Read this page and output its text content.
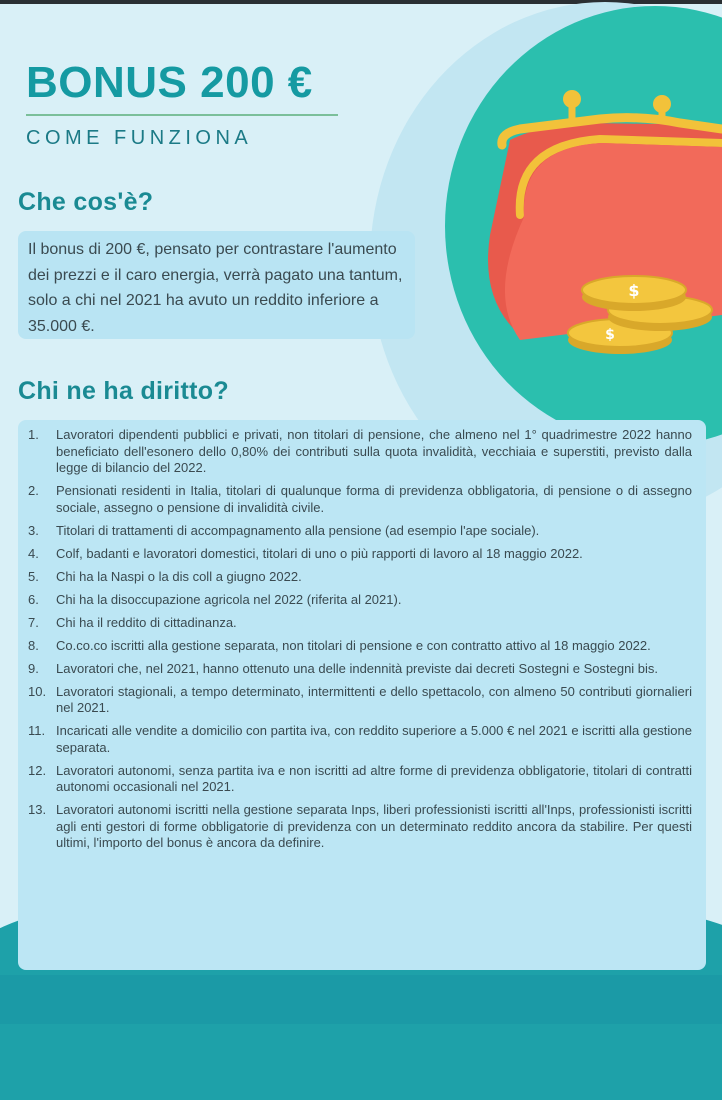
BONUS 200 €
COME FUNZIONA
Che cos'è?

Il bonus di 200 €, pensato per contrastare l'aumento dei prezzi e il caro energia, verrà pagato una tantum, solo a chi nel 2021 ha avuto un reddito inferiore a 35.000 €.

Chi ne ha diritto?
1.	Lavoratori dipendenti pubblici e privati, non titolari di pensione, che almeno nel 1° quadrimestre 2022 hanno beneficiato dell'esonero dello 0,80% dei contributi sulla quota invalidità, vecchiaia e superstiti, previsto dalla legge di bilancio del 2022.
2.	Pensionati residenti in Italia, titolari di qualunque forma di previdenza obbligatoria, di pensione o di assegno sociale, assegno o pensione di invalidità civile.
3.	Titolari di trattamenti di accompagnamento alla pensione (ad esempio l'ape sociale).
4.	Colf, badanti e lavoratori domestici, titolari di uno o più rapporti di lavoro al 18 maggio 2022.
5.	Chi ha la Naspi o la dis coll a giugno 2022.
6.	Chi ha la disoccupazione agricola nel 2022 (riferita al 2021).
7.	Chi ha il reddito di cittadinanza.
8.	Co.co.co iscritti alla gestione separata, non titolari di pensione e con contratto attivo al 18 maggio 2022.
9.	Lavoratori che, nel 2021, hanno ottenuto una delle indennità previste dai decreti Sostegni e Sostegni bis.
10. Lavoratori stagionali, a tempo determinato, intermittenti e dello spettacolo, con almeno 50 contributi giornalieri nel 2021.
11. Incaricati alle vendite a domicilio con partita iva, con reddito superiore a 5.000 € nel 2021 e iscritti alla gestione separata.
12. Lavoratori autonomi, senza partita iva e non iscritti ad altre forme di previdenza obbligatorie, titolari di contratti autonomi occasionali nel 2021.
13. Lavoratori autonomi iscritti nella gestione separata Inps, liberi professionisti iscritti all'Inps, professionisti iscritti agli enti gestori di forme obbligatorie di previdenza con un determinato reddito ancora da stabilire. Per questi ultimi, l'importo del bonus è ancora da definire.
$
$
